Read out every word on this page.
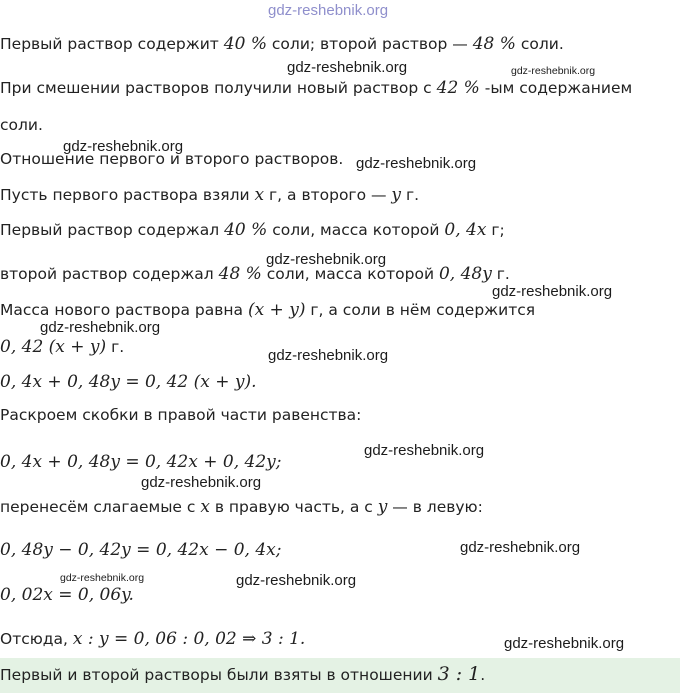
gdz-reshebnik.org
Первый раствор содержит 40 % соли; второй раствор — 48 % соли.
При смешении растворов получили новый раствор с 42 % -ым содержанием
соли.
Отношение первого и второго растворов.
Пусть первого раствора взяли x г, а второго — y г.
Первый раствор содержал 40 % соли, масса которой 0, 4x г;
второй раствор содержал 48 % соли, масса которой 0, 48y г.
Масса нового раствора равна (x + y) г, а соли в нём содержится
0, 42 (x + y) г.
0, 4x + 0, 48y = 0, 42 (x + y).
Раскроем скобки в правой части равенства:
0, 4x + 0, 48y = 0, 42x + 0, 42y;
перенесём слагаемые с x в правую часть, а с y — в левую:
0, 48y − 0, 42y = 0, 42x − 0, 4x;
0, 02x = 0, 06y.
Отсюда, x : y = 0, 06 : 0, 02 ⇒ 3 : 1.
Первый и второй растворы были взяты в отношении 3 : 1.
gdz-reshebnik.org	gdz-reshebnik.org
gdz-reshebnik.org
gdz-reshebnik.org
gdz-reshebnik.org
gdz-reshebnik.org
gdz-reshebnik.org
gdz-reshebnik.org
gdz-reshebnik.org
gdz-reshebnik.org
gdz-reshebnik.org
gdz-reshebnik.org	gdz-reshebnik.org
gdz-reshebnik.org
